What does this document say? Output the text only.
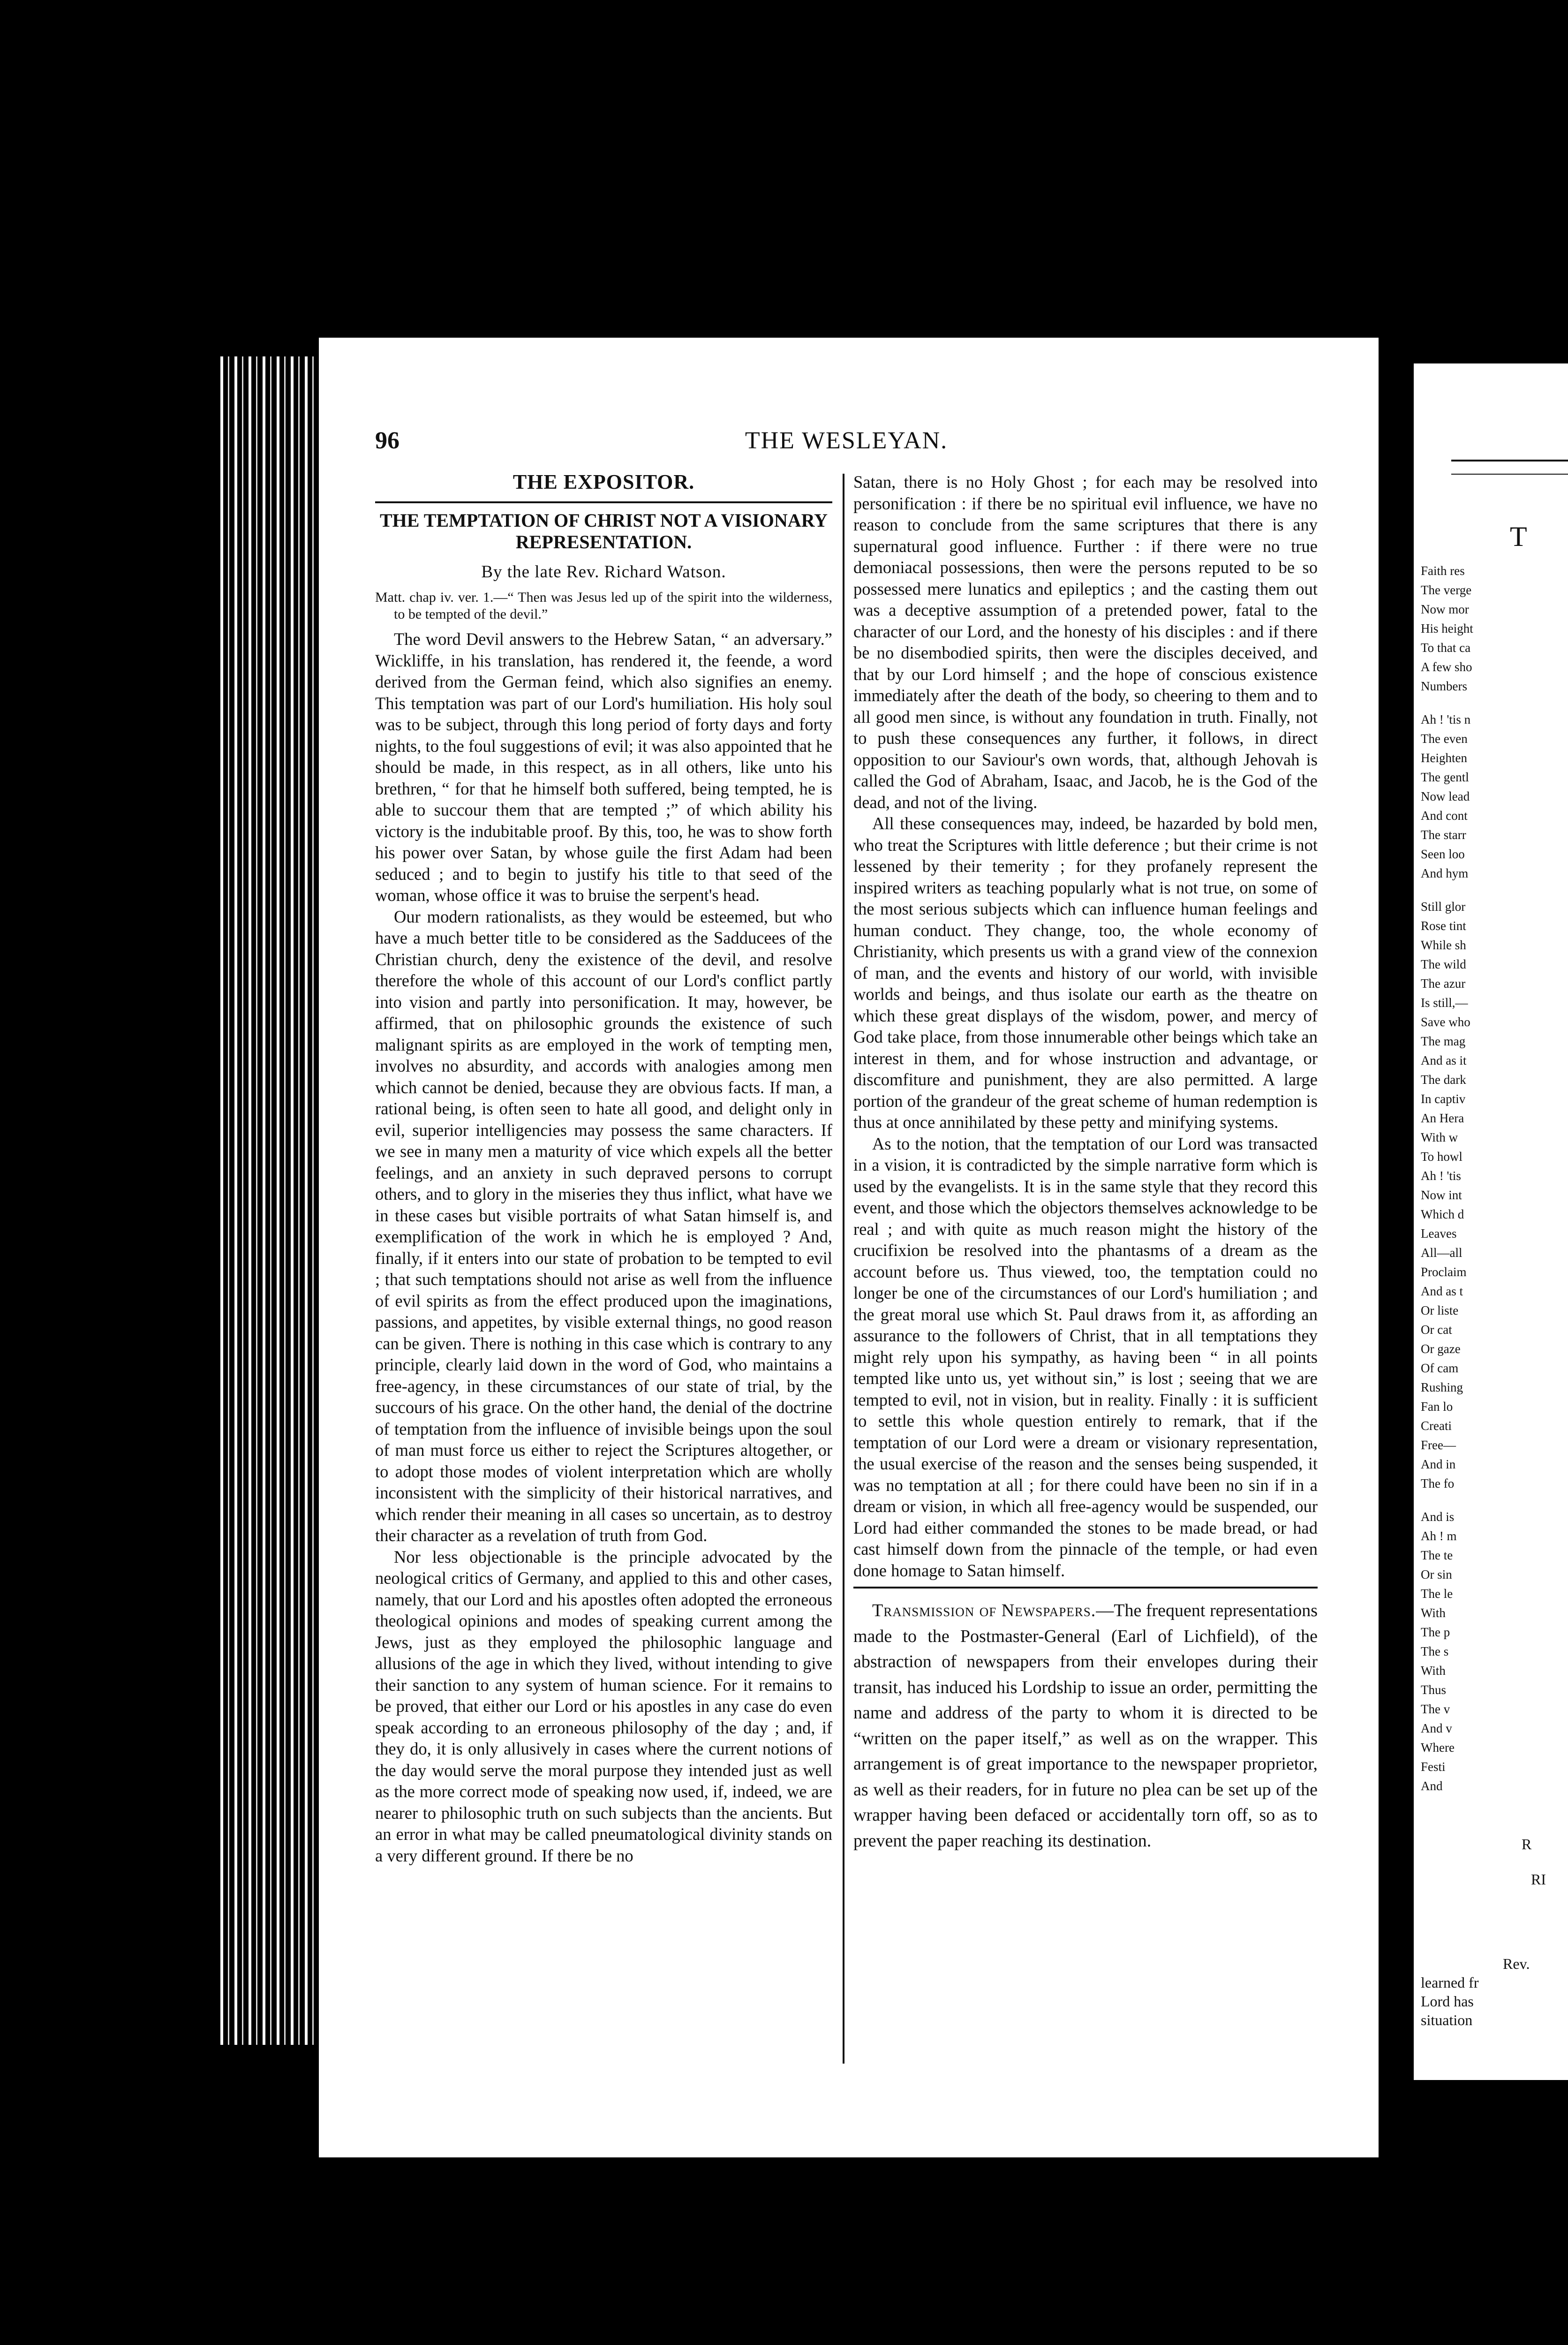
96	THE WESLEYAN.
THE EXPOSITOR.
THE TEMPTATION OF CHRIST NOT A VISIONARY REPRESENTATION.
By the late Rev. Richard Watson.
Matt. chap iv. ver. 1.—“ Then was Jesus led up of the spirit into the wilderness, to be tempted of the devil.”

The word Devil answers to the Hebrew Satan, “ an adversary.” Wickliffe, in his translation, has rendered it, the feende, a word derived from the German feind, which also signifies an enemy. This temptation was part of our Lord's humiliation. His holy soul was to be subject, through this long period of forty days and forty nights, to the foul suggestions of evil; it was also appointed that he should be made, in this respect, as in all others, like unto his brethren, “ for that he himself both suffered, being tempted, he is able to succour them that are tempted ;” of which ability his victory is the indubitable proof. By this, too, he was to show forth his power over Satan, by whose guile the first Adam had been seduced ; and to begin to justify his title to that seed of the woman, whose office it was to bruise the serpent's head.

Our modern rationalists, as they would be esteemed, but who have a much better title to be considered as the Sadducees of the Christian church, deny the existence of the devil, and resolve therefore the whole of this account of our Lord's conflict partly into vision and partly into personification. It may, however, be affirmed, that on philosophic grounds the existence of such malignant spirits as are employed in the work of tempting men, involves no absurdity, and accords with analogies among men which cannot be denied, because they are obvious facts. If man, a rational being, is often seen to hate all good, and delight only in evil, superior intelligencies may possess the same characters. If we see in many men a maturity of vice which expels all the better feelings, and an anxiety in such depraved persons to corrupt others, and to glory in the miseries they thus inflict, what have we in these cases but visible portraits of what Satan himself is, and exemplification of the work in which he is employed ? And, finally, if it enters into our state of probation to be tempted to evil ; that such temptations should not arise as well from the influence of evil spirits as from the effect produced upon the imaginations, passions, and appetites, by visible external things, no good reason can be given. There is nothing in this case which is contrary to any principle, clearly laid down in the word of God, who maintains a free-agency, in these circumstances of our state of trial, by the succours of his grace. On the other hand, the denial of the doctrine of temptation from the influence of invisible beings upon the soul of man must force us either to reject the Scriptures altogether, or to adopt those modes of violent interpretation which are wholly inconsistent with the simplicity of their historical narratives, and which render their meaning in all cases so uncertain, as to destroy their character as a revelation of truth from God.

Nor less objectionable is the principle advocated by the neological critics of Germany, and applied to this and other cases, namely, that our Lord and his apostles often adopted the erroneous theological opinions and modes of speaking current among the Jews, just as they employed the philosophic language and allusions of the age in which they lived, without intending to give their sanction to any system of human science. For it remains to be proved, that either our Lord or his apostles in any case do even speak according to an erroneous philosophy of the day ; and, if they do, it is only allusively in cases where the current notions of the day would serve the moral purpose they intended just as well as the more correct mode of speaking now used, if, indeed, we are nearer to philosophic truth on such subjects than the ancients. But an error in what may be called pneumatological divinity stands on a very different ground. If there be no

Satan, there is no Holy Ghost ; for each may be resolved into personification : if there be no spiritual evil influence, we have no reason to conclude from the same scriptures that there is any supernatural good influence. Further : if there were no true demoniacal possessions, then were the persons reputed to be so possessed mere lunatics and epileptics ; and the casting them out was a deceptive assumption of a pretended power, fatal to the character of our Lord, and the honesty of his disciples : and if there be no disembodied spirits, then were the disciples deceived, and that by our Lord himself ; and the hope of conscious existence immediately after the death of the body, so cheering to them and to all good men since, is without any foundation in truth. Finally, not to push these consequences any further, it follows, in direct opposition to our Saviour's own words, that, although Jehovah is called the God of Abraham, Isaac, and Jacob, he is the God of the dead, and not of the living.

All these consequences may, indeed, be hazarded by bold men, who treat the Scriptures with little deference ; but their crime is not lessened by their temerity ; for they profanely represent the inspired writers as teaching popularly what is not true, on some of the most serious subjects which can influence human feelings and human conduct. They change, too, the whole economy of Christianity, which presents us with a grand view of the connexion of man, and the events and history of our world, with invisible worlds and beings, and thus isolate our earth as the theatre on which these great displays of the wisdom, power, and mercy of God take place, from those innumerable other beings which take an interest in them, and for whose instruction and advantage, or discomfiture and punishment, they are also permitted. A large portion of the grandeur of the great scheme of human redemption is thus at once annihilated by these petty and minifying systems.

As to the notion, that the temptation of our Lord was transacted in a vision, it is contradicted by the simple narrative form which is used by the evangelists. It is in the same style that they record this event, and those which the objectors themselves acknowledge to be real ; and with quite as much reason might the history of the crucifixion be resolved into the phantasms of a dream as the account before us. Thus viewed, too, the temptation could no longer be one of the circumstances of our Lord's humiliation ; and the great moral use which St. Paul draws from it, as affording an assurance to the followers of Christ, that in all temptations they might rely upon his sympathy, as having been “ in all points tempted like unto us, yet without sin,” is lost ; seeing that we are tempted to evil, not in vision, but in reality. Finally : it is sufficient to settle this whole question entirely to remark, that if the temptation of our Lord were a dream or visionary representation, the usual exercise of the reason and the senses being suspended, it was no temptation at all ; for there could have been no sin if in a dream or vision, in which all free-agency would be suspended, our Lord had either commanded the stones to be made bread, or had cast himself down from the pinnacle of the temple, or had even done homage to Satan himself.

Transmission of Newspapers.—The frequent representations made to the Postmaster-General (Earl of Lichfield), of the abstraction of newspapers from their envelopes during their transit, has induced his Lordship to issue an order, permitting the name and address of the party to whom it is directed to be “written on the paper itself,” as well as on the wrapper. This arrangement is of great importance to the newspaper proprietor, as well as their readers, for in future no plea can be set up of the wrapper having been defaced or accidentally torn off, so as to prevent the paper reaching its destination.

T
Faith res
The verge
Now mor
His height
To that ca
A few sho
Numbers
Ah ! 'tis n
The even
Heighten
The gentl
Now lead
And cont
The starr
Seen loo
And hym
Still glor
Rose tint
While sh
The wild
The azur
Is still,—
Save who
The mag
And as it
The dark
In captiv
An Hera
With w
To howl
Ah ! 'tis
Now int
Which d
Leaves
All—all
Proclaim
And as t
Or liste
Or cat
Or gaze
Of cam
Rushing
Fan lo
Creati
Free—
And in
The fo
And is
Ah ! m
The te
Or sin
The le
With
The p
The s
With
Thus
The v
And v
Where
Festi
And
R
RI
Rev.
learned fr
Lord has
situation
